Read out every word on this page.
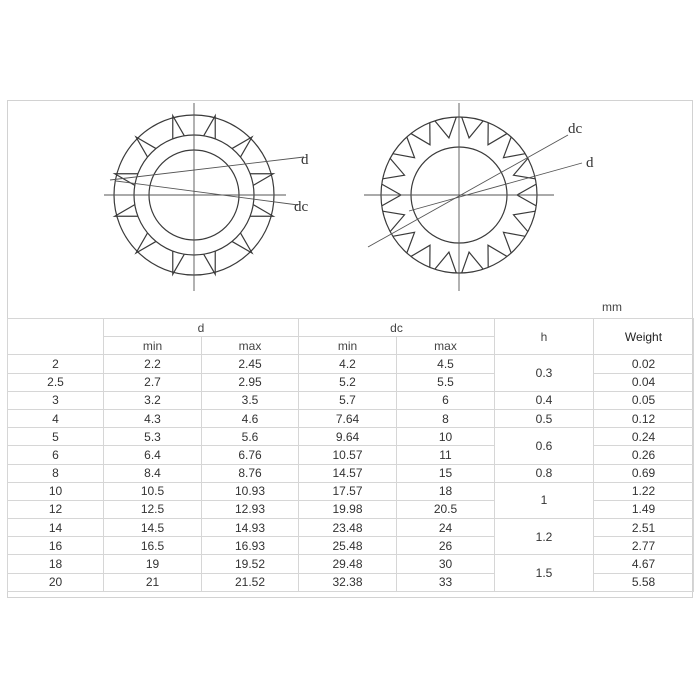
d
dc
dc
d
mm
	d		dc		h	Weight
	min	max	min	max		
2	2.2	2.45	4.2	4.5	0.3	0.02
2.5	2.7	2.95	5.2	5.5		0.04
3	3.2	3.5	5.7	6	0.4	0.05
4	4.3	4.6	7.64	8	0.5	0.12
5	5.3	5.6	9.64	10	0.6	0.24
6	6.4	6.76	10.57	11		0.26
8	8.4	8.76	14.57	15	0.8	0.69
10	10.5	10.93	17.57	18	1	1.22
12	12.5	12.93	19.98	20.5		1.49
14	14.5	14.93	23.48	24	1.2	2.51
16	16.5	16.93	25.48	26		2.77
18	19	19.52	29.48	30	1.5	4.67
20	21	21.52	32.38	33		5.58
